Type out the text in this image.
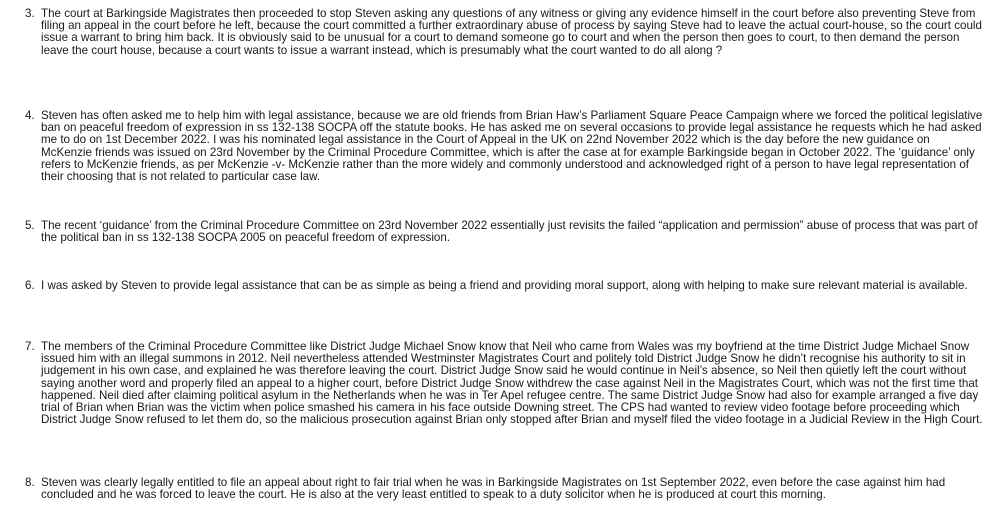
3. The court at Barkingside Magistrates then proceeded to stop Steven asking any questions of any witness or giving any evidence himself in the court before also preventing Steve from filing an appeal in the court before he left, because the court committed a further extraordinary abuse of process by saying Steve had to leave the actual court-house, so the court could issue a warrant to bring him back. It is obviously said to be unusual for a court to demand someone go to court and when the person then goes to court, to then demand the person leave the court house, because a court wants to issue a warrant instead, which is presumably what the court wanted to do all along ?
4. Steven has often asked me to help him with legal assistance, because we are old friends from Brian Haw’s Parliament Square Peace Campaign where we forced the political legislative ban on peaceful freedom of expression in ss 132-138 SOCPA off the statute books. He has asked me on several occasions to provide legal assistance he requests which he had asked me to do on 1st December 2022. I was his nominated legal assistance in the Court of Appeal in the UK on 22nd November 2022 which is the day before the new guidance on McKenzie friends was issued on 23rd November by the Criminal Procedure Committee, which is after the case at for example Barkingside began in October 2022. The ‘guidance’ only refers to McKenzie friends, as per McKenzie -v- McKenzie rather than the more widely and commonly understood and acknowledged right of a person to have legal representation of their choosing that is not related to particular case law.
5. The recent ‘guidance’ from the Criminal Procedure Committee on 23rd November 2022 essentially just revisits the failed “application and permission” abuse of process that was part of the political ban in ss 132-138 SOCPA 2005 on peaceful freedom of expression.
6. I was asked by Steven to provide legal assistance that can be as simple as being a friend and providing moral support, along with helping to make sure relevant material is available.
7. The members of the Criminal Procedure Committee like District Judge Michael Snow know that Neil who came from Wales was my boyfriend at the time District Judge Michael Snow issued him with an illegal summons in 2012. Neil nevertheless attended Westminster Magistrates Court and politely told District Judge Snow he didn’t recognise his authority to sit in judgement in his own case, and explained he was therefore leaving the court. District Judge Snow said he would continue in Neil’s absence, so Neil then quietly left the court without saying another word and properly filed an appeal to a higher court, before District Judge Snow withdrew the case against Neil in the Magistrates Court, which was not the first time that happened. Neil died after claiming political asylum in the Netherlands when he was in Ter Apel refugee centre. The same District Judge Snow had also for example arranged a five day trial of Brian when Brian was the victim when police smashed his camera in his face outside Downing street. The CPS had wanted to review video footage before proceeding which District Judge Snow refused to let them do, so the malicious prosecution against Brian only stopped after Brian and myself filed the video footage in a Judicial Review in the High Court.
8. Steven was clearly legally entitled to file an appeal about right to fair trial when he was in Barkingside Magistrates on 1st September 2022, even before the case against him had concluded and he was forced to leave the court. He is also at the very least entitled to speak to a duty solicitor when he is produced at court this morning.
